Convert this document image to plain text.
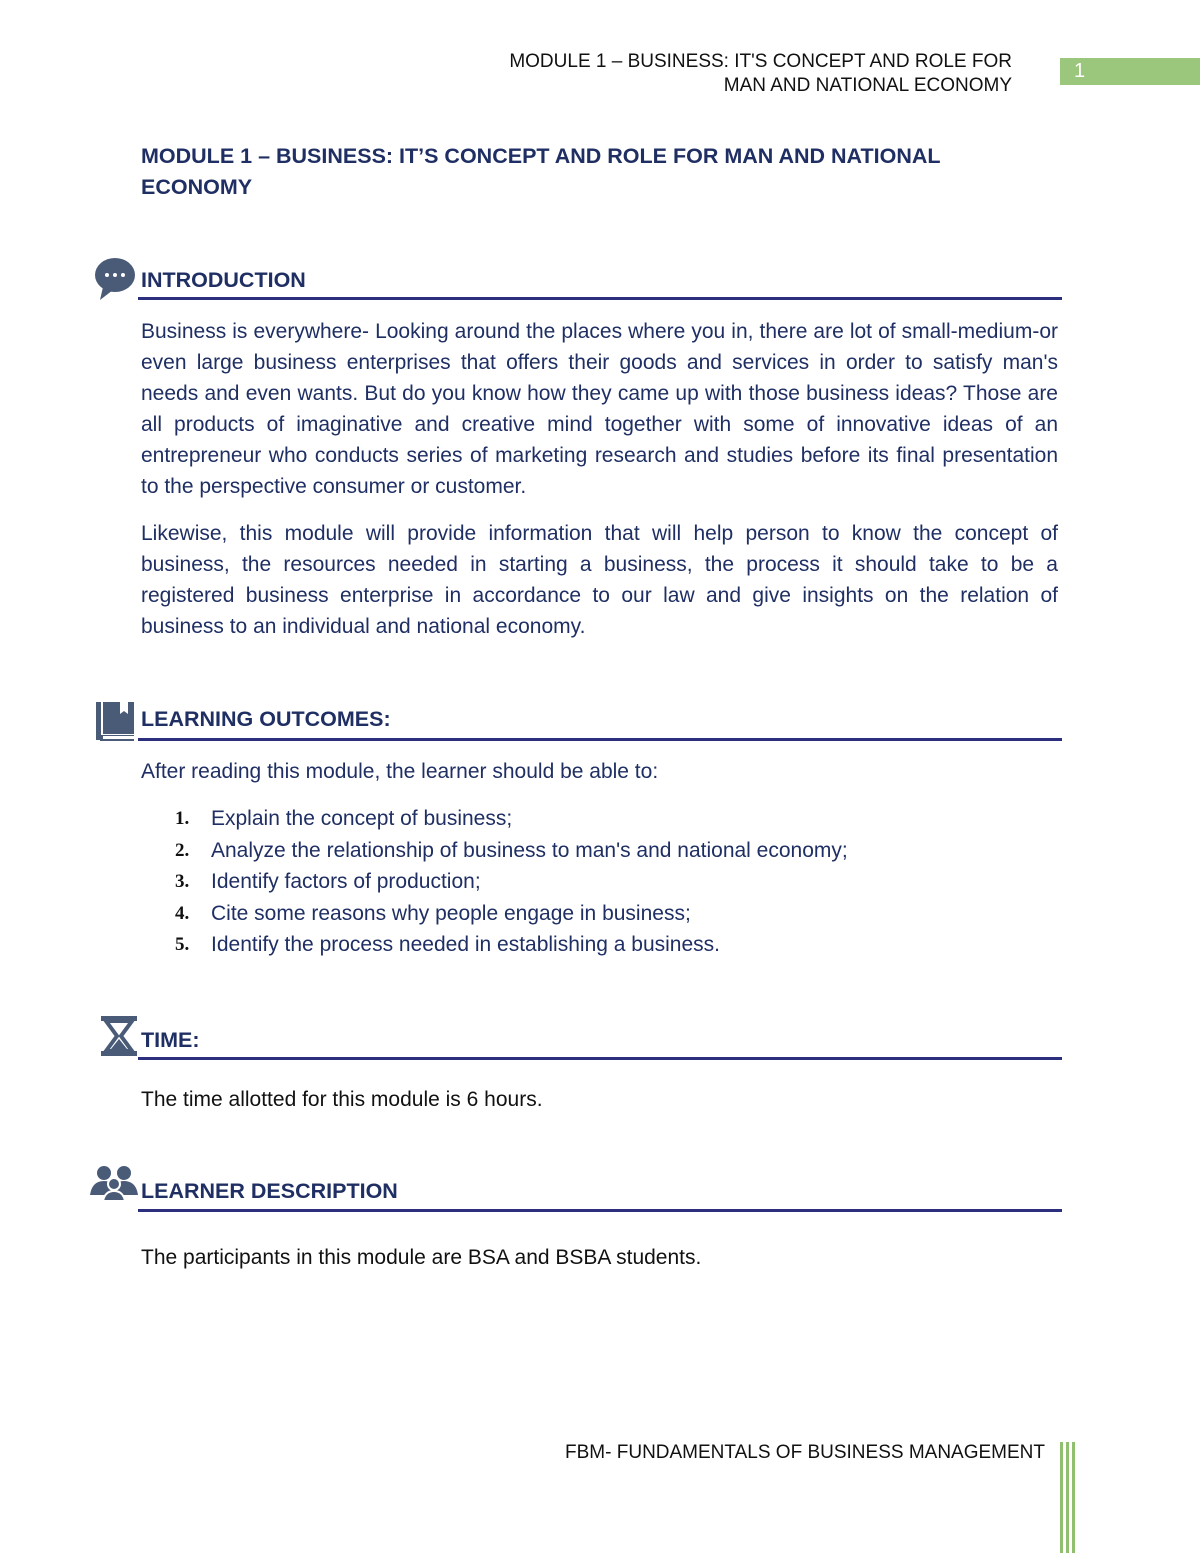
MODULE 1 – BUSINESS: IT'S CONCEPT AND ROLE FOR
MAN AND NATIONAL ECONOMY
1
MODULE 1 – BUSINESS: IT’S CONCEPT AND ROLE FOR MAN AND NATIONAL
ECONOMY
INTRODUCTION

Business is everywhere- Looking around the places where you in, there are lot of small-medium-or even large business enterprises that offers their goods and services in order to satisfy man's needs and even wants. But do you know how they came up with those business ideas? Those are all products of imaginative and creative mind together with some of innovative ideas of an entrepreneur who conducts series of marketing research and studies before its final presentation to the perspective consumer or customer.

Likewise, this module will provide information that will help person to know the concept of business, the resources needed in starting a business, the process it should take to be a registered business enterprise in accordance to our law and give insights on the relation of business to an individual and national economy.

LEARNING OUTCOMES:

After reading this module, the learner should be able to:

1.	Explain the concept of business;
2.	Analyze the relationship of business to man's and national economy;
3.	Identify factors of production;
4.	Cite some reasons why people engage in business;
5.	Identify the process needed in establishing a business.
TIME:

The time allotted for this module is 6 hours.

LEARNER DESCRIPTION

The participants in this module are BSA and BSBA students.

FBM- FUNDAMENTALS OF BUSINESS MANAGEMENT
